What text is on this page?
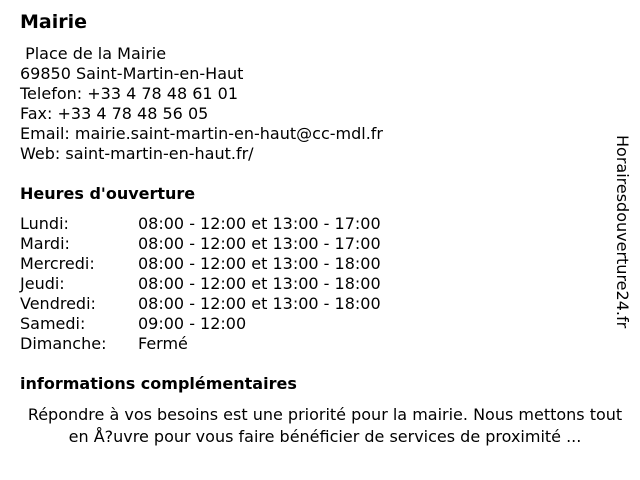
Mairie
Place de la Mairie
69850 Saint-Martin-en-Haut
Telefon: +33 4 78 48 61 01
Fax: +33 4 78 48 56 05
Email: mairie.saint-martin-en-haut@cc-mdl.fr
Web: saint-martin-en-haut.fr/
Heures d'ouverture
Lundi:	08:00 - 12:00 et 13:00 - 17:00
Mardi:	08:00 - 12:00 et 13:00 - 17:00
Mercredi:	08:00 - 12:00 et 13:00 - 18:00
Jeudi:	08:00 - 12:00 et 13:00 - 18:00
Vendredi:	08:00 - 12:00 et 13:00 - 18:00
Samedi:	09:00 - 12:00
Dimanche:	Fermé
informations complémentaires
Répondre à vos besoins est une priorité pour la mairie. Nous mettons tout en Å?uvre pour vous faire bénéficier de services de proximité ...
Horairesdouverture24.fr
